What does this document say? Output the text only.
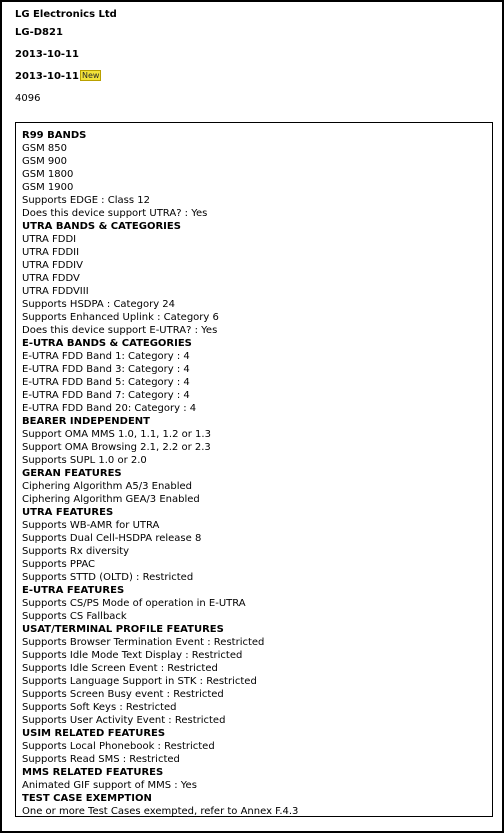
LG Electronics Ltd
LG-D821
2013-10-11
2013-10-11 New
4096
R99 BANDS
GSM 850
GSM 900
GSM 1800
GSM 1900
Supports EDGE : Class 12
Does this device support UTRA? : Yes
UTRA BANDS & CATEGORIES
UTRA FDDI
UTRA FDDII
UTRA FDDIV
UTRA FDDV
UTRA FDDVIII
Supports HSDPA : Category 24
Supports Enhanced Uplink : Category 6
Does this device support E-UTRA? : Yes
E-UTRA BANDS & CATEGORIES
E-UTRA FDD Band 1: Category : 4
E-UTRA FDD Band 3: Category : 4
E-UTRA FDD Band 5: Category : 4
E-UTRA FDD Band 7: Category : 4
E-UTRA FDD Band 20: Category : 4
BEARER INDEPENDENT
Support OMA MMS 1.0, 1.1, 1.2 or 1.3
Support OMA Browsing 2.1, 2.2 or 2.3
Supports SUPL 1.0 or 2.0
GERAN FEATURES
Ciphering Algorithm A5/3 Enabled
Ciphering Algorithm GEA/3 Enabled
UTRA FEATURES
Supports WB-AMR for UTRA
Supports Dual Cell-HSDPA release 8
Supports Rx diversity
Supports PPAC
Supports STTD (OLTD) : Restricted
E-UTRA FEATURES
Supports CS/PS Mode of operation in E-UTRA
Supports CS Fallback
USAT/TERMINAL PROFILE FEATURES
Supports Browser Termination Event : Restricted
Supports Idle Mode Text Display : Restricted
Supports Idle Screen Event : Restricted
Supports Language Support in STK : Restricted
Supports Screen Busy event : Restricted
Supports Soft Keys : Restricted
Supports User Activity Event : Restricted
USIM RELATED FEATURES
Supports Local Phonebook : Restricted
Supports Read SMS : Restricted
MMS RELATED FEATURES
Animated GIF support of MMS : Yes
TEST CASE EXEMPTION
One or more Test Cases exempted, refer to Annex F.4.3
